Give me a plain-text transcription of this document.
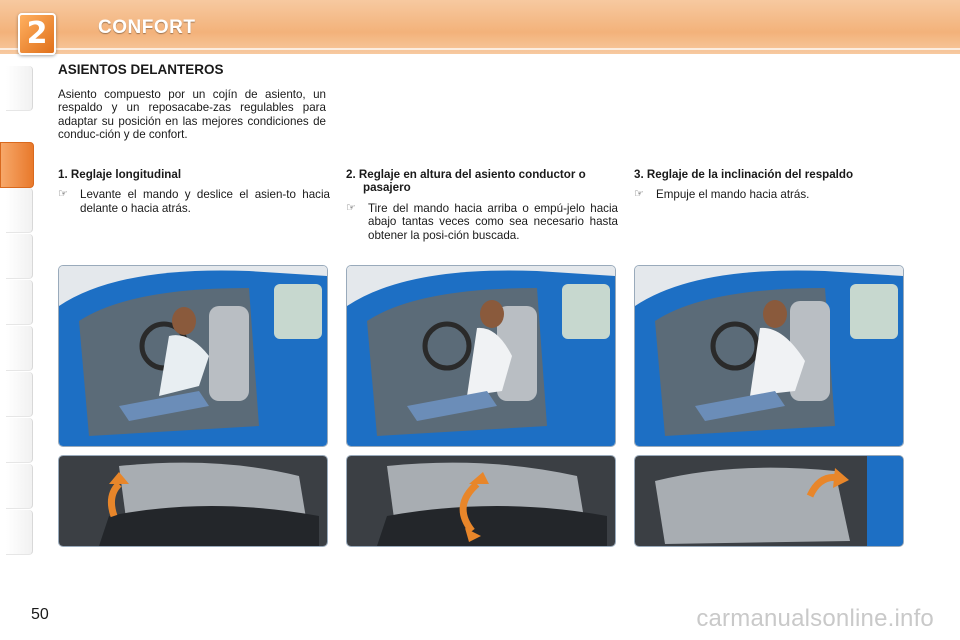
2	CONFORT
ASIENTOS DELANTEROS
Asiento compuesto por un cojín de asiento, un respaldo y un reposacabe-zas regulables para adaptar su posición en las mejores condiciones de conduc-ción y de confort.
1. Reglaje longitudinal
☞	Levante el mando y deslice el asien-to hacia delante o hacia atrás.
2. Reglaje en altura del asiento conductor o pasajero
☞	Tire del mando hacia arriba o empú-jelo hacia abajo tantas veces como sea necesario hasta obtener la posi-ción buscada.
3. Reglaje de la inclinación del respaldo
☞	Empuje el mando hacia atrás.
50	carmanualsonline.info
